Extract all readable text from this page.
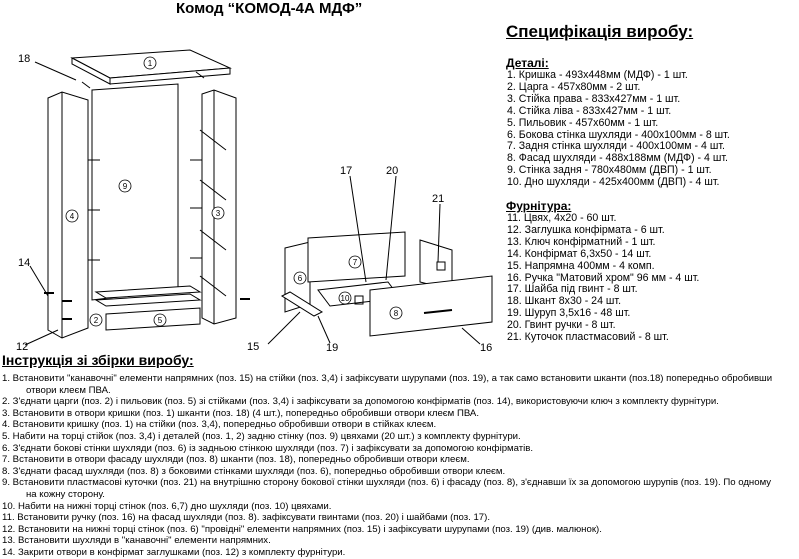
Комод “КОМОД-4А МДФ”
1
9
4	3
5
2
6
7
10
8
18
14
12
17	20
21
15	19	16
Специфікація виробу:
Деталі:
1. Кришка - 493х448мм (МДФ) - 1 шт.
2. Царга - 457х80мм - 2 шт.
3. Стійка права - 833х427мм - 1 шт.
4. Стійка ліва - 833х427мм - 1 шт.
5. Пильовик - 457х60мм - 1 шт.
6. Бокова стінка шухляди - 400х100мм - 8 шт.
7. Задня стінка шухляди - 400х100мм - 4 шт.
8. Фасад шухляди - 488х188мм (МДФ) - 4 шт.
9. Стінка задня - 780х480мм (ДВП) - 1 шт.
10. Дно шухляди - 425х400мм (ДВП) - 4 шт.
Фурнітура:
11. Цвях, 4х20 - 60 шт.
12. Заглушка конфірмата - 6 шт.
13. Ключ конфірматний - 1 шт.
14. Конфірмат 6,3х50 - 14 шт.
15. Напрямна 400мм - 4 комп.
16. Ручка "Матовий хром" 96 мм - 4 шт.
17. Шайба під гвинт - 8 шт.
18. Шкант 8х30 - 24 шт.
19. Шуруп 3,5х16 - 48 шт.
20. Гвинт ручки - 8 шт.
21. Куточок пластмасовий - 8 шт.
Інструкція зі збірки виробу:
1. Встановити "канавочні" елементи напрямних (поз. 15) на стійки (поз. 3,4) і зафіксувати шурупами (поз. 19), а так само встановити шканти (поз.18) попередньо обробивши
отвори клеєм ПВА.
2. З'єднати царги (поз. 2) і пильовик (поз. 5) зі стійками (поз. 3,4) і зафіксувати за допомогою конфірматів (поз. 14), використовуючи ключ з комплекту фурнітури.
3. Встановити в отвори кришки (поз. 1) шканти (поз. 18) (4 шт.), попередньо обробивши отвори клеєм ПВА.
4. Встановити кришку (поз. 1) на стійки (поз. 3,4), попередньо обробивши отвори в стійках клеєм.
5. Набити на торці стійок (поз. 3,4) і деталей (поз. 1, 2) задню стінку (поз. 9) цвяхами (20 шт.) з комплекту фурнітури.
6. З'єднати бокові стінки шухляди (поз. 6) із задньою стінкою шухляди (поз. 7) і зафіксувати за допомогою конфірматів.
7. Встановити в отвори фасаду шухляди (поз. 8) шканти (поз. 18), попередньо обробивши отвори клеєм.
8. З'єднати фасад шухляди (поз. 8) з боковими стінками шухляди (поз. 6), попередньо обробивши отвори клеєм.
9. Встановити пластмасові куточки (поз. 21) на внутрішню сторону бокової стінки шухляди (поз. 6) і фасаду (поз. 8), з'єднавши їх за допомогою шурупів (поз. 19). По одному
на кожну сторону.
10. Набити на нижні торці стінок (поз. 6,7) дно шухляди (поз. 10) цвяхами.
11. Встановити ручку (поз. 16) на фасад шухляди (поз. 8). зафіксувати гвинтами (поз. 20) і шайбами (поз. 17).
12. Встановити на нижні торці стінок (поз. 6) "провідні" елементи напрямних (поз. 15) і зафіксувати шурупами (поз. 19) (див. малюнок).
13. Встановити шухляди в "канавочні" елементи напрямних.
14. Закрити отвори в конфірмат заглушками (поз. 12) з комплекту фурнітури.
